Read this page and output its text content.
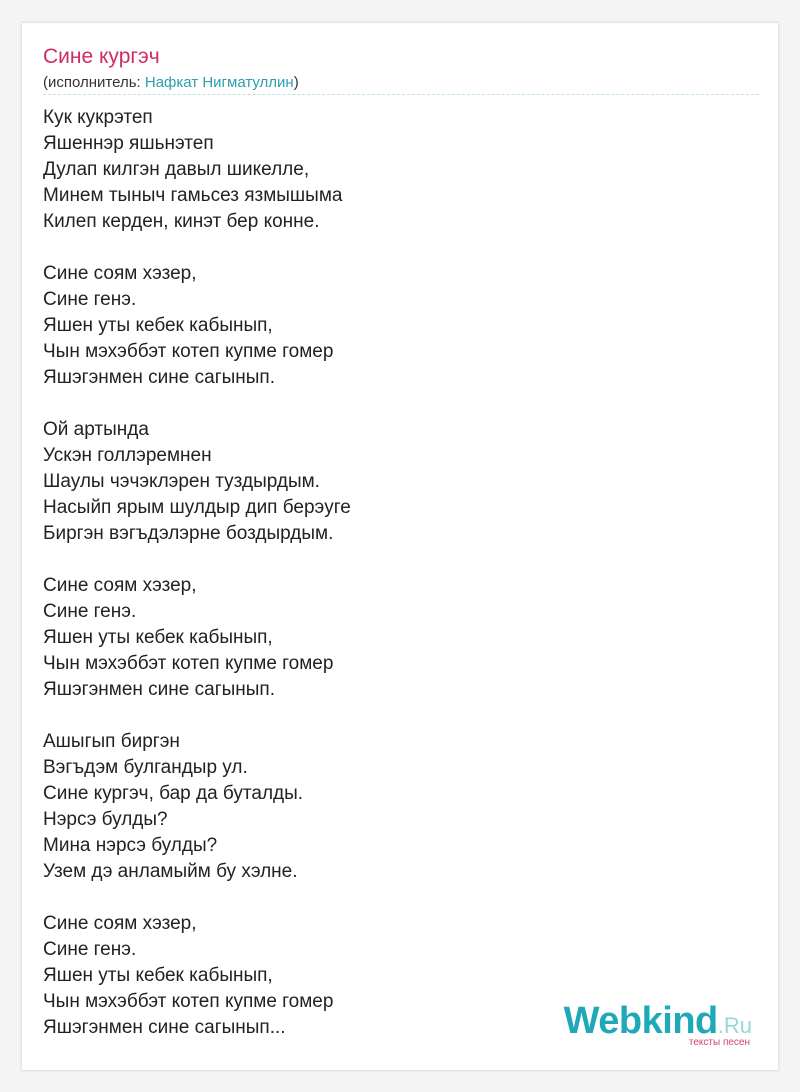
Сине кургэч
(исполнитель: Нафкат Нигматуллин)
Кук кукрэтеп
Яшеннэр яшьнэтеп
Дулап килгэн давыл шикелле,
Минем тыныч гамьсез язмышыма
Килеп керден, кинэт бер конне.
Сине соям хэзер,
Сине генэ.
Яшен уты кебек кабынып,
Чын мэхэббэт котеп купме гомер
Яшэгэнмен сине сагынып.
Ой артында
Ускэн голлэремнен
Шаулы чэчэклэрен туздырдым.
Насыйп ярым шулдыр дип берэуге
Биргэн вэгъдэлэрне боздырдым.
Сине соям хэзер,
Сине генэ.
Яшен уты кебек кабынып,
Чын мэхэббэт котеп купме гомер
Яшэгэнмен сине сагынып.
Ашыгып биргэн
Вэгъдэм булгандыр ул.
Сине кургэч, бар да буталды.
Нэрсэ булды?
Мина нэрсэ булды?
Узем дэ анламыйм бу хэлне.
Сине соям хэзер,
Сине генэ.
Яшен уты кебек кабынып,
Чын мэхэббэт котеп купме гомер
Яшэгэнмен сине сагынып...	Webkind.Ru
тексты песен
